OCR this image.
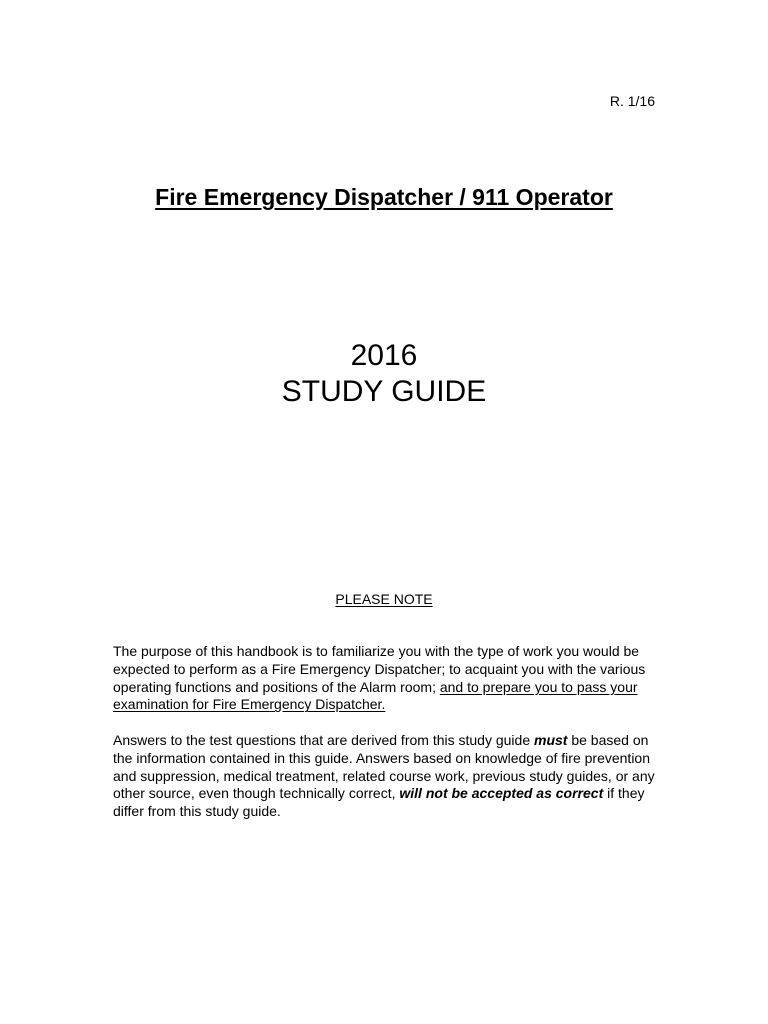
R. 1/16
Fire Emergency Dispatcher / 911 Operator
2016
STUDY GUIDE
PLEASE NOTE

The purpose of this handbook is to familiarize you with the type of work you would be expected to perform as a Fire Emergency Dispatcher; to acquaint you with the various operating functions and positions of the Alarm room; and to prepare you to pass your examination for Fire Emergency Dispatcher.

Answers to the test questions that are derived from this study guide must be based on the information contained in this guide. Answers based on knowledge of fire prevention and suppression, medical treatment, related course work, previous study guides, or any other source, even though technically correct, will not be accepted as correct if they differ from this study guide.
